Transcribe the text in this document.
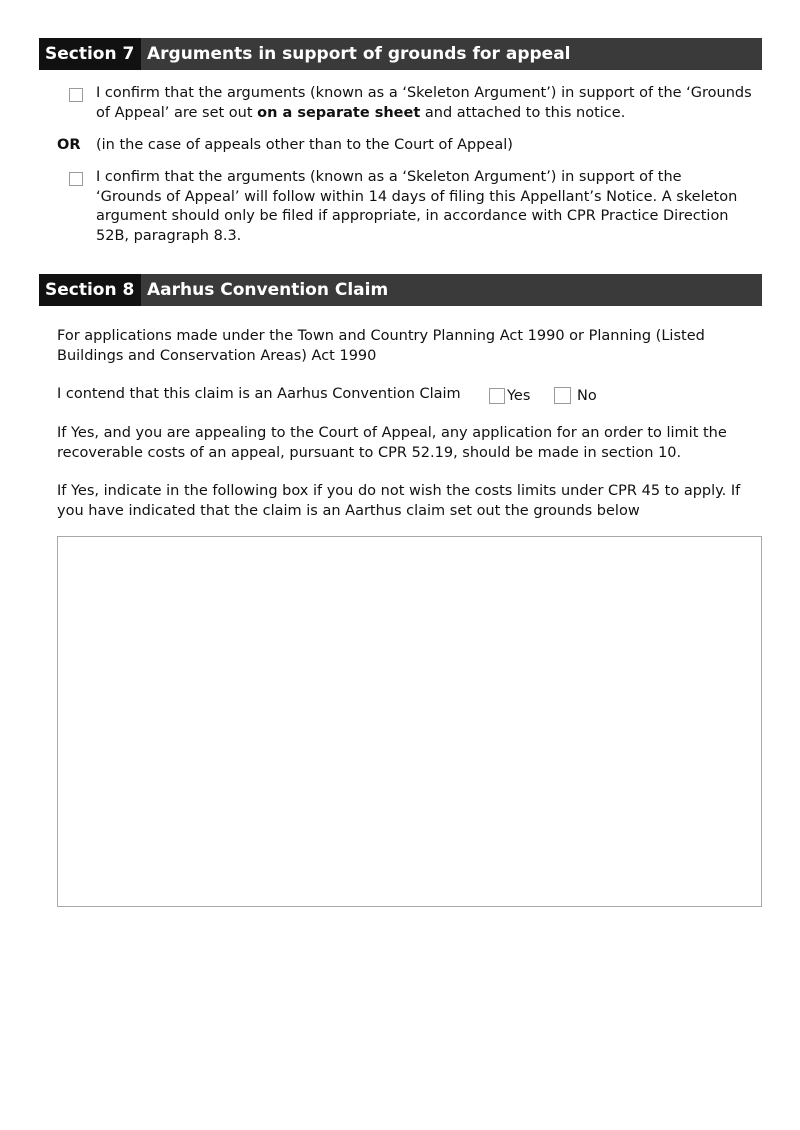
Section 7 Arguments in support of grounds for appeal

I confirm that the arguments (known as a ‘Skeleton Argument’) in support of the ‘Grounds of Appeal’ are set out on a separate sheet and attached to this notice.

OR (in the case of appeals other than to the Court of Appeal)

I confirm that the arguments (known as a ‘Skeleton Argument’) in support of the ‘Grounds of Appeal’ will follow within 14 days of filing this Appellant’s Notice. A skeleton argument should only be filed if appropriate, in accordance with CPR Practice Direction 52B, paragraph 8.3.

Section 8 Aarhus Convention Claim

For applications made under the Town and Country Planning Act 1990 or Planning (Listed Buildings and Conservation Areas) Act 1990

I contend that this claim is an Aarhus Convention Claim	Yes	No

If Yes, and you are appealing to the Court of Appeal, any application for an order to limit the recoverable costs of an appeal, pursuant to CPR 52.19, should be made in section 10.

If Yes, indicate in the following box if you do not wish the costs limits under CPR 45 to apply. If you have indicated that the claim is an Aarthus claim set out the grounds below
